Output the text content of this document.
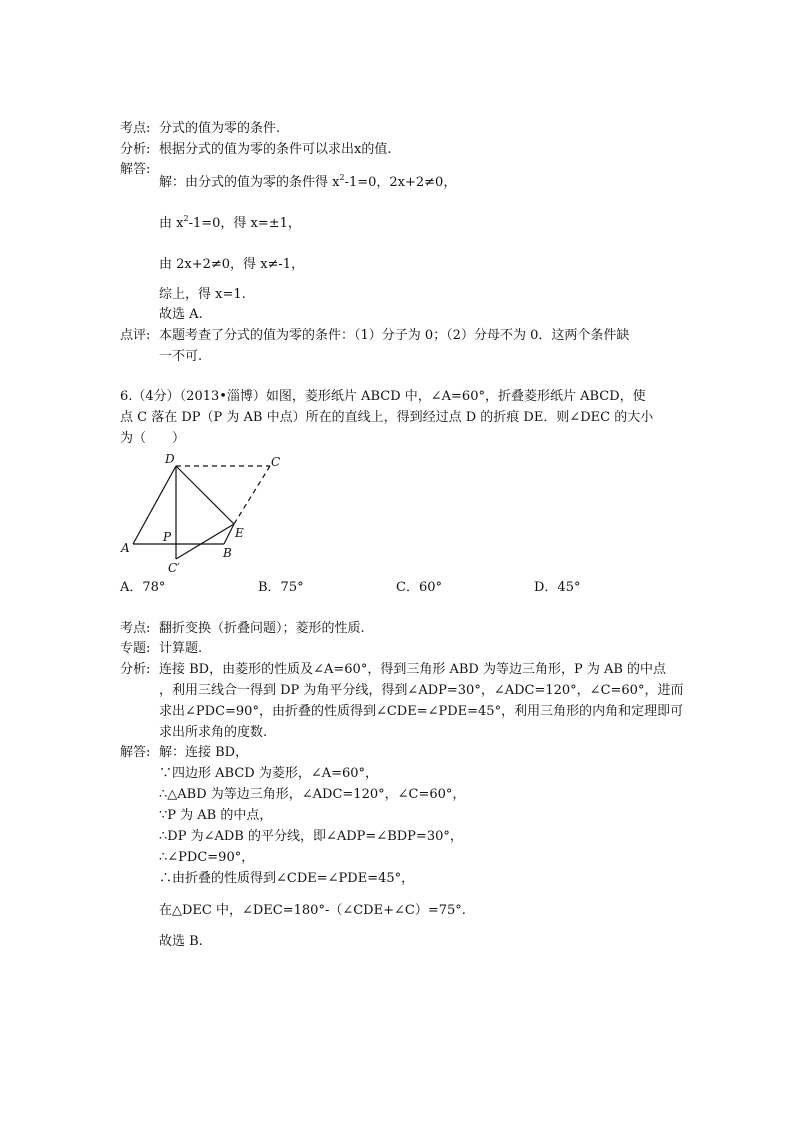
考点: 分式的值为零的条件.
分析: 根据分式的值为零的条件可以求出x的值.
解答:
解：由分式的值为零的条件得 $x^2-1=0$，2x+2≠0，
由 $x^2-1=0$，得 x=±1，
由 2x+2≠0，得 x≠-1，
综上，得 x=1.
故选 A.
点评: 本题考查了分式的值为零的条件：（1）分子为 0；（2）分母不为 0．这两个条件缺
一不可.
6.（4分）（2013•淄博）如图，菱形纸片 ABCD 中，∠A=60°，折叠菱形纸片 ABCD，使
点 C 落在 DP（P 为 AB 中点）所在的直线上，得到经过点 D 的折痕 DE．则∠DEC 的大小
为（　　）
D	C
A
P
B
E
C′
A．78°	B．75°	C．60°	D．45°
考点: 翻折变换（折叠问题）；菱形的性质.
专题: 计算题.
分析: 连接 BD，由菱形的性质及∠A=60°，得到三角形 ABD 为等边三角形，P 为 AB 的中点
，利用三线合一得到 DP 为角平分线，得到∠ADP=30°，∠ADC=120°，∠C=60°，进而
求出∠PDC=90°，由折叠的性质得到∠CDE=∠PDE=45°，利用三角形的内角和定理即可
求出所求角的度数.
解答: 解：连接 BD，
∵四边形 ABCD 为菱形，∠A=60°，
∴△ABD 为等边三角形，∠ADC=120°，∠C=60°，
∵P 为 AB 的中点，
∴DP 为∠ADB 的平分线，即∠ADP=∠BDP=30°，
∴∠PDC=90°，
∴由折叠的性质得到∠CDE=∠PDE=45°，
在△DEC 中，∠DEC=180°-（∠CDE+∠C）=75°.
故选 B.
